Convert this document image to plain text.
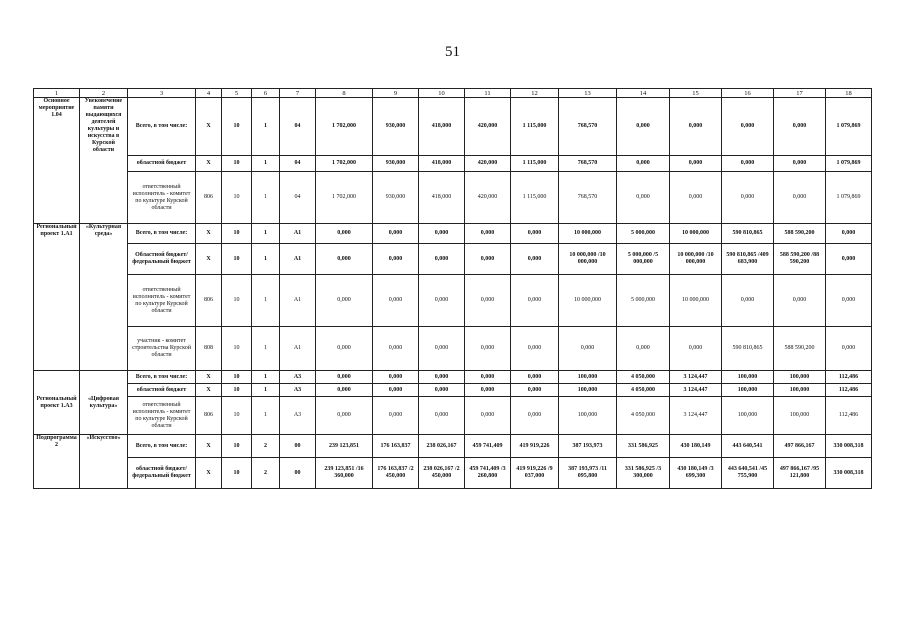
51
1	2	3	4	5	6	7	8	9	10	11	12	13	14	15	16	17	18
Основное мероприятие 1.04	Увековечение памяти выдающихся деятелей культуры и искусства в Курской области	Всего, в том числе:	Х	10	1	04	1 702,000	930,000	418,000	420,000	1 115,000	768,570	0,000	0,000	0,000	0,000	1 079,869
		областной бюджет	Х	10	1	04	1 702,000	930,000	418,000	420,000	1 115,000	768,570	0,000	0,000	0,000	0,000	1 079,869
		ответственный исполнитель - комитет по культуре Курской области	806	10	1	04	1 702,000	930,000	418,000	420,000	1 115,000	768,570	0,000	0,000	0,000	0,000	1 079,869
Региональный проект 1.А1	«Культурная среда»	Всего, в том числе:	Х	10	1	А1	0,000	0,000	0,000	0,000	0,000	10 000,000	5 000,000	10 000,000	590 810,865	588 590,200	0,000
		Областной бюджет/ федеральный бюджет	Х	10	1	А1	0,000	0,000	0,000	0,000	0,000	10 000,000 /10 000,000	5 000,000 /5 000,000	10 000,000 /10 000,000	590 810,865 /409 683,900	588 590,200 /88 590,200	0,000
		ответственный исполнитель - комитет по культуре Курской области	806	10	1	А1	0,000	0,000	0,000	0,000	0,000	10 000,000	5 000,000	10 000,000	0,000	0,000	0,000
		участник - комитет строительства Курской области	808	10	1	А1	0,000	0,000	0,000	0,000	0,000	0,000	0,000	0,000	590 810,865	588 590,200	0,000
Региональный проект 1.А3	«Цифровая культура»	Всего, в том числе:	Х	10	1	А3	0,000	0,000	0,000	0,000	0,000	100,000	4 050,000	3 124,447	100,000	100,000	112,486
		областной бюджет	Х	10	1	А3	0,000	0,000	0,000	0,000	0,000	100,000	4 050,000	3 124,447	100,000	100,000	112,486
		ответственный исполнитель - комитет по культуре Курской области	806	10	1	А3	0,000	0,000	0,000	0,000	0,000	100,000	4 050,000	3 124,447	100,000	100,000	112,486
Подпрограмма 2	«Искусство»	Всего, в том числе:	Х	10	2	00	239 123,851	176 163,837	238 026,167	459 741,409	419 919,226	387 193,973	331 586,925	430 180,149	443 640,541	497 866,167	330 008,318
		областной бюджет/ федеральный бюджет	Х	10	2	00	239 123,851 /16 360,000	176 163,837 /2 450,000	238 026,167 /2 450,000	459 741,409 /3 260,800	419 919,226 /9 037,000	387 193,973 /11 095,800	331 586,925 /3 300,000	430 180,149 /3 699,300	443 640,541 /45 755,900	497 866,167 /95 121,800	330 008,318
